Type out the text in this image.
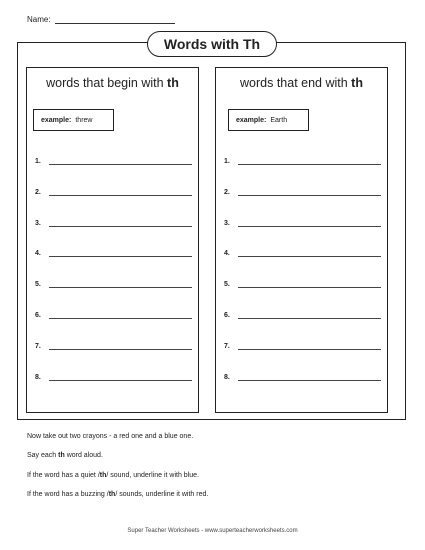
Name:
Words with Th
words that begin with th
example: threw
1.
2.
3.
4.
5.
6.
7.
8.
words that end with th
example: Earth
1.
2.
3.
4.
5.
6.
7.
8.
Now take out two crayons - a red one and a blue one.
Say each th word aloud.
If the word has a quiet /th/ sound, underline it with blue.
If the word has a buzzing /th/ sounds, underline it with red.
Super Teacher Worksheets - www.superteacherworksheets.com
